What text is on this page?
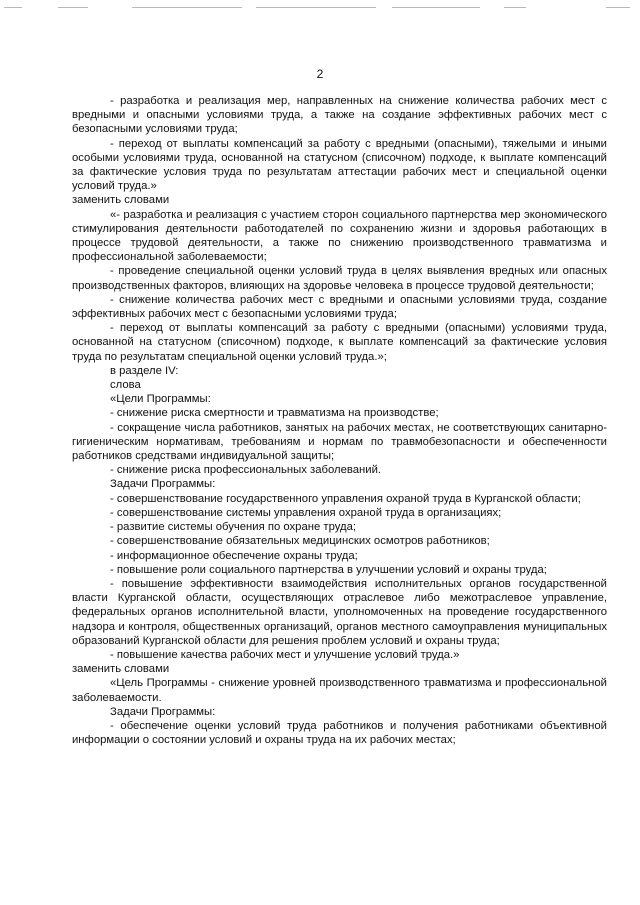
2

- разработка и реализация мер, направленных на снижение количества рабочих мест с вредными и опасными условиями труда, а также на создание эффективных рабочих мест с безопасными условиями труда;

- переход от выплаты компенсаций за работу с вредными (опасными), тяжелыми и иными особыми условиями труда, основанной на статусном (списочном) подходе, к выплате компенсаций за фактические условия труда по результатам аттестации рабочих мест и специальной оценки условий труда.»

заменить словами

«- разработка и реализация с участием сторон социального партнерства мер экономического стимулирования деятельности работодателей по сохранению жизни и здоровья работающих в процессе трудовой деятельности, а также по снижению производственного травматизма и профессиональной заболеваемости;

- проведение специальной оценки условий труда в целях выявления вредных или опасных производственных факторов, влияющих на здоровье человека в процессе трудовой деятельности;

- снижение количества рабочих мест с вредными и опасными условиями труда, создание эффективных рабочих мест с безопасными условиями труда;

- переход от выплаты компенсаций за работу с вредными (опасными) условиями труда, основанной на статусном (списочном) подходе, к выплате компенсаций за фактические условия труда по результатам специальной оценки условий труда.»;

в разделе IV:

слова

«Цели Программы:

- снижение риска смертности и травматизма на производстве;

- сокращение числа работников, занятых на рабочих местах, не соответствующих санитарно-гигиеническим нормативам, требованиям и нормам по травмобезопасности и обеспеченности работников средствами индивидуальной защиты;

- снижение риска профессиональных заболеваний.

Задачи Программы:

- совершенствование государственного управления охраной труда в Курганской области;

- совершенствование системы управления охраной труда в организациях;

- развитие системы обучения по охране труда;

- совершенствование обязательных медицинских осмотров работников;

- информационное обеспечение охраны труда;

- повышение роли социального партнерства в улучшении условий и охраны труда;

- повышение эффективности взаимодействия исполнительных органов государственной власти Курганской области, осуществляющих отраслевое либо межотраслевое управление, федеральных органов исполнительной власти, уполномоченных на проведение государственного надзора и контроля, общественных организаций, органов местного самоуправления муниципальных образований Курганской области для решения проблем условий и охраны труда;

- повышение качества рабочих мест и улучшение условий труда.»

заменить словами

«Цель Программы - снижение уровней производственного травматизма и профессиональной заболеваемости.

Задачи Программы:

- обеспечение оценки условий труда работников и получения работниками объективной информации о состоянии условий и охраны труда на их рабочих местах;
